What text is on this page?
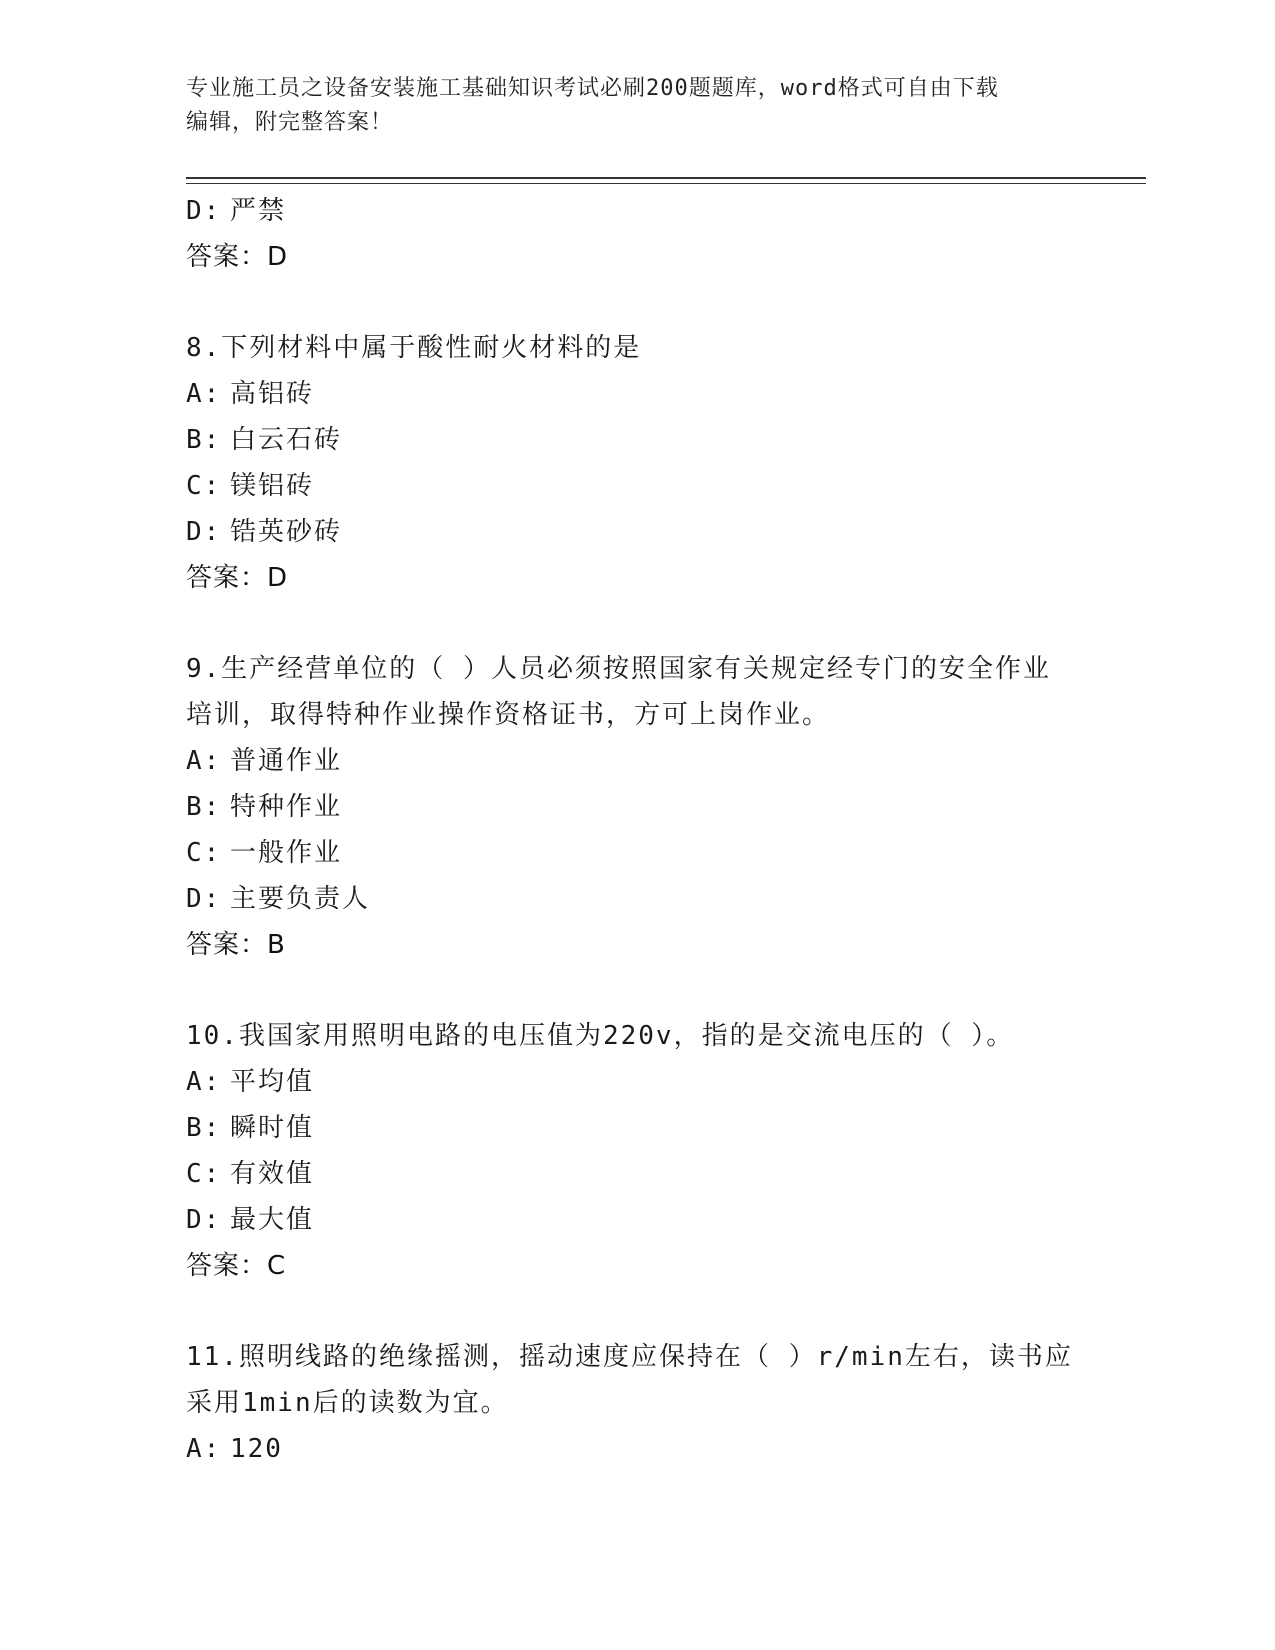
专业施工员之设备安装施工基础知识考试必刷200题题库，word格式可自由下载
编辑，附完整答案！
D: 严禁
答案：D
8.下列材料中属于酸性耐火材料的是
A: 高铝砖
B: 白云石砖
C: 镁铝砖
D: 锆英砂砖
答案：D
9.生产经营单位的（ ）人员必须按照国家有关规定经专门的安全作业
培训，取得特种作业操作资格证书，方可上岗作业。
A: 普通作业
B: 特种作业
C: 一般作业
D: 主要负责人
答案：B
10.我国家用照明电路的电压值为220v，指的是交流电压的（ ）。
A: 平均值
B: 瞬时值
C: 有效值
D: 最大值
答案：C
11.照明线路的绝缘摇测，摇动速度应保持在（ ）r/min左右，读书应
采用1min后的读数为宜。
A: 120
